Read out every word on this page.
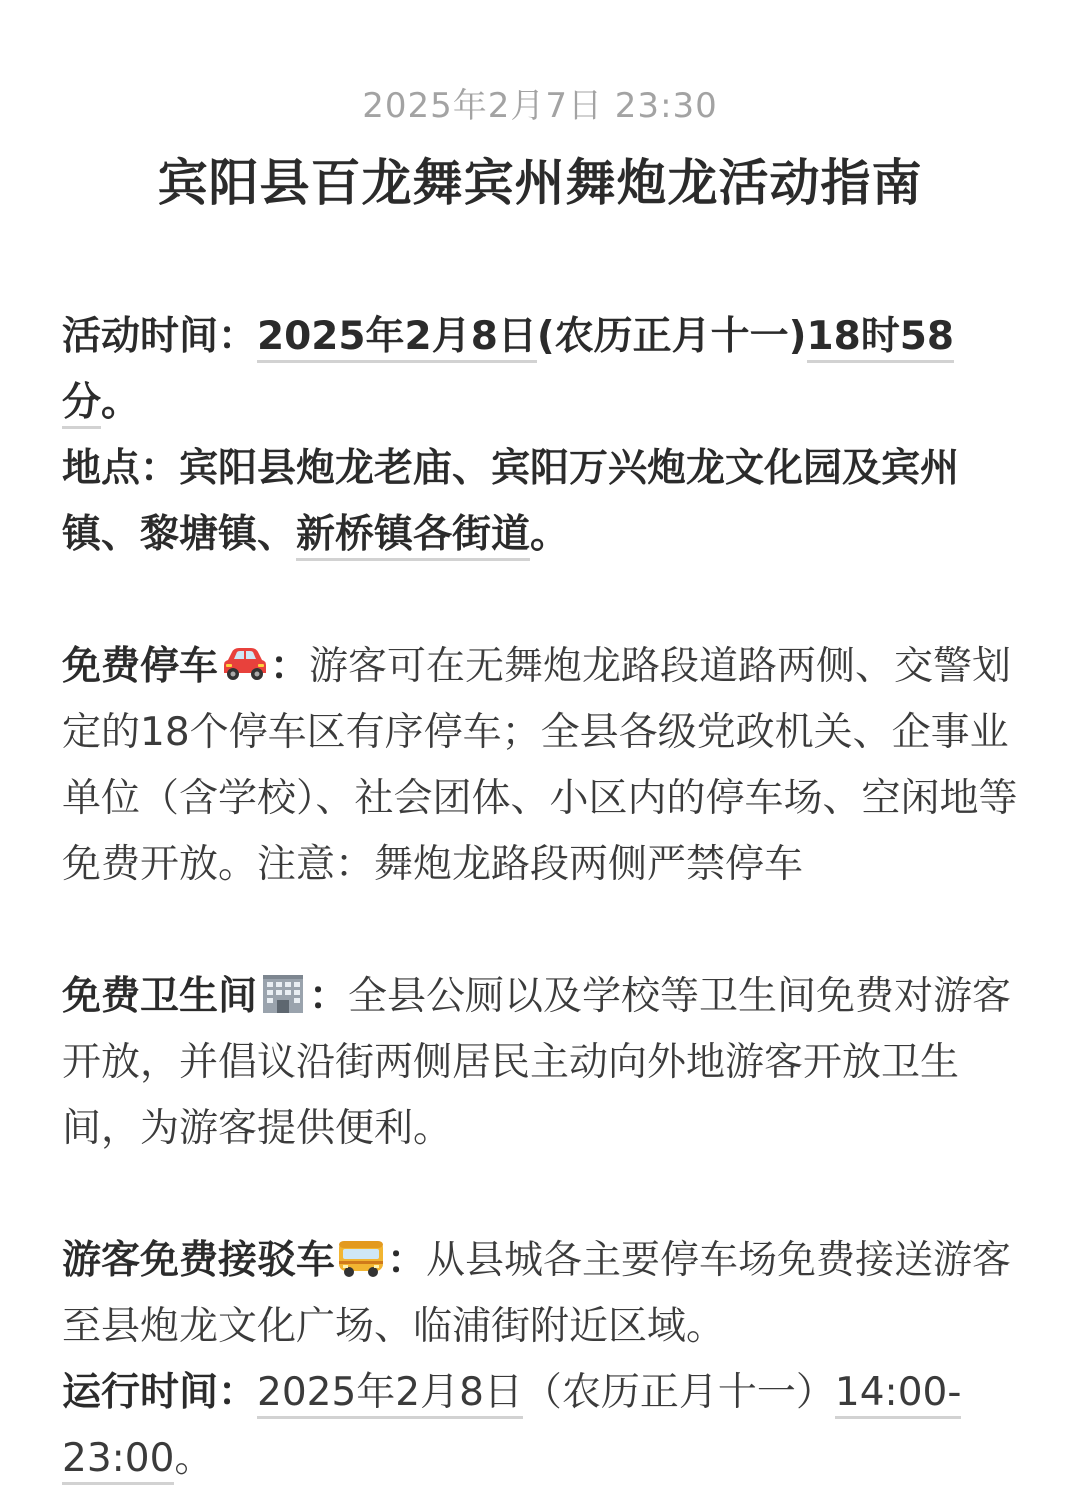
2025年2月7日 23:30
宾阳县百龙舞宾州舞炮龙活动指南

活动时间：2025年2月8日(农历正月十一)18时58分。

地点：宾阳县炮龙老庙、宾阳万兴炮龙文化园及宾州镇、黎塘镇、新桥镇各街道。

免费停车 ：游客可在无舞炮龙路段道路两侧、交警划定的18个停车区有序停车；全县各级党政机关、企事业单位（含学校）、社会团体、小区内的停车场、空闲地等免费开放。注意：舞炮龙路段两侧严禁停车

免费卫生间 ：全县公厕以及学校等卫生间免费对游客开放，并倡议沿街两侧居民主动向外地游客开放卫生间，为游客提供便利。

游客免费接驳车 ：从县城各主要停车场免费接送游客至县炮龙文化广场、临浦街附近区域。

运行时间：2025年2月8日（农历正月十一）14:00-23:00。
